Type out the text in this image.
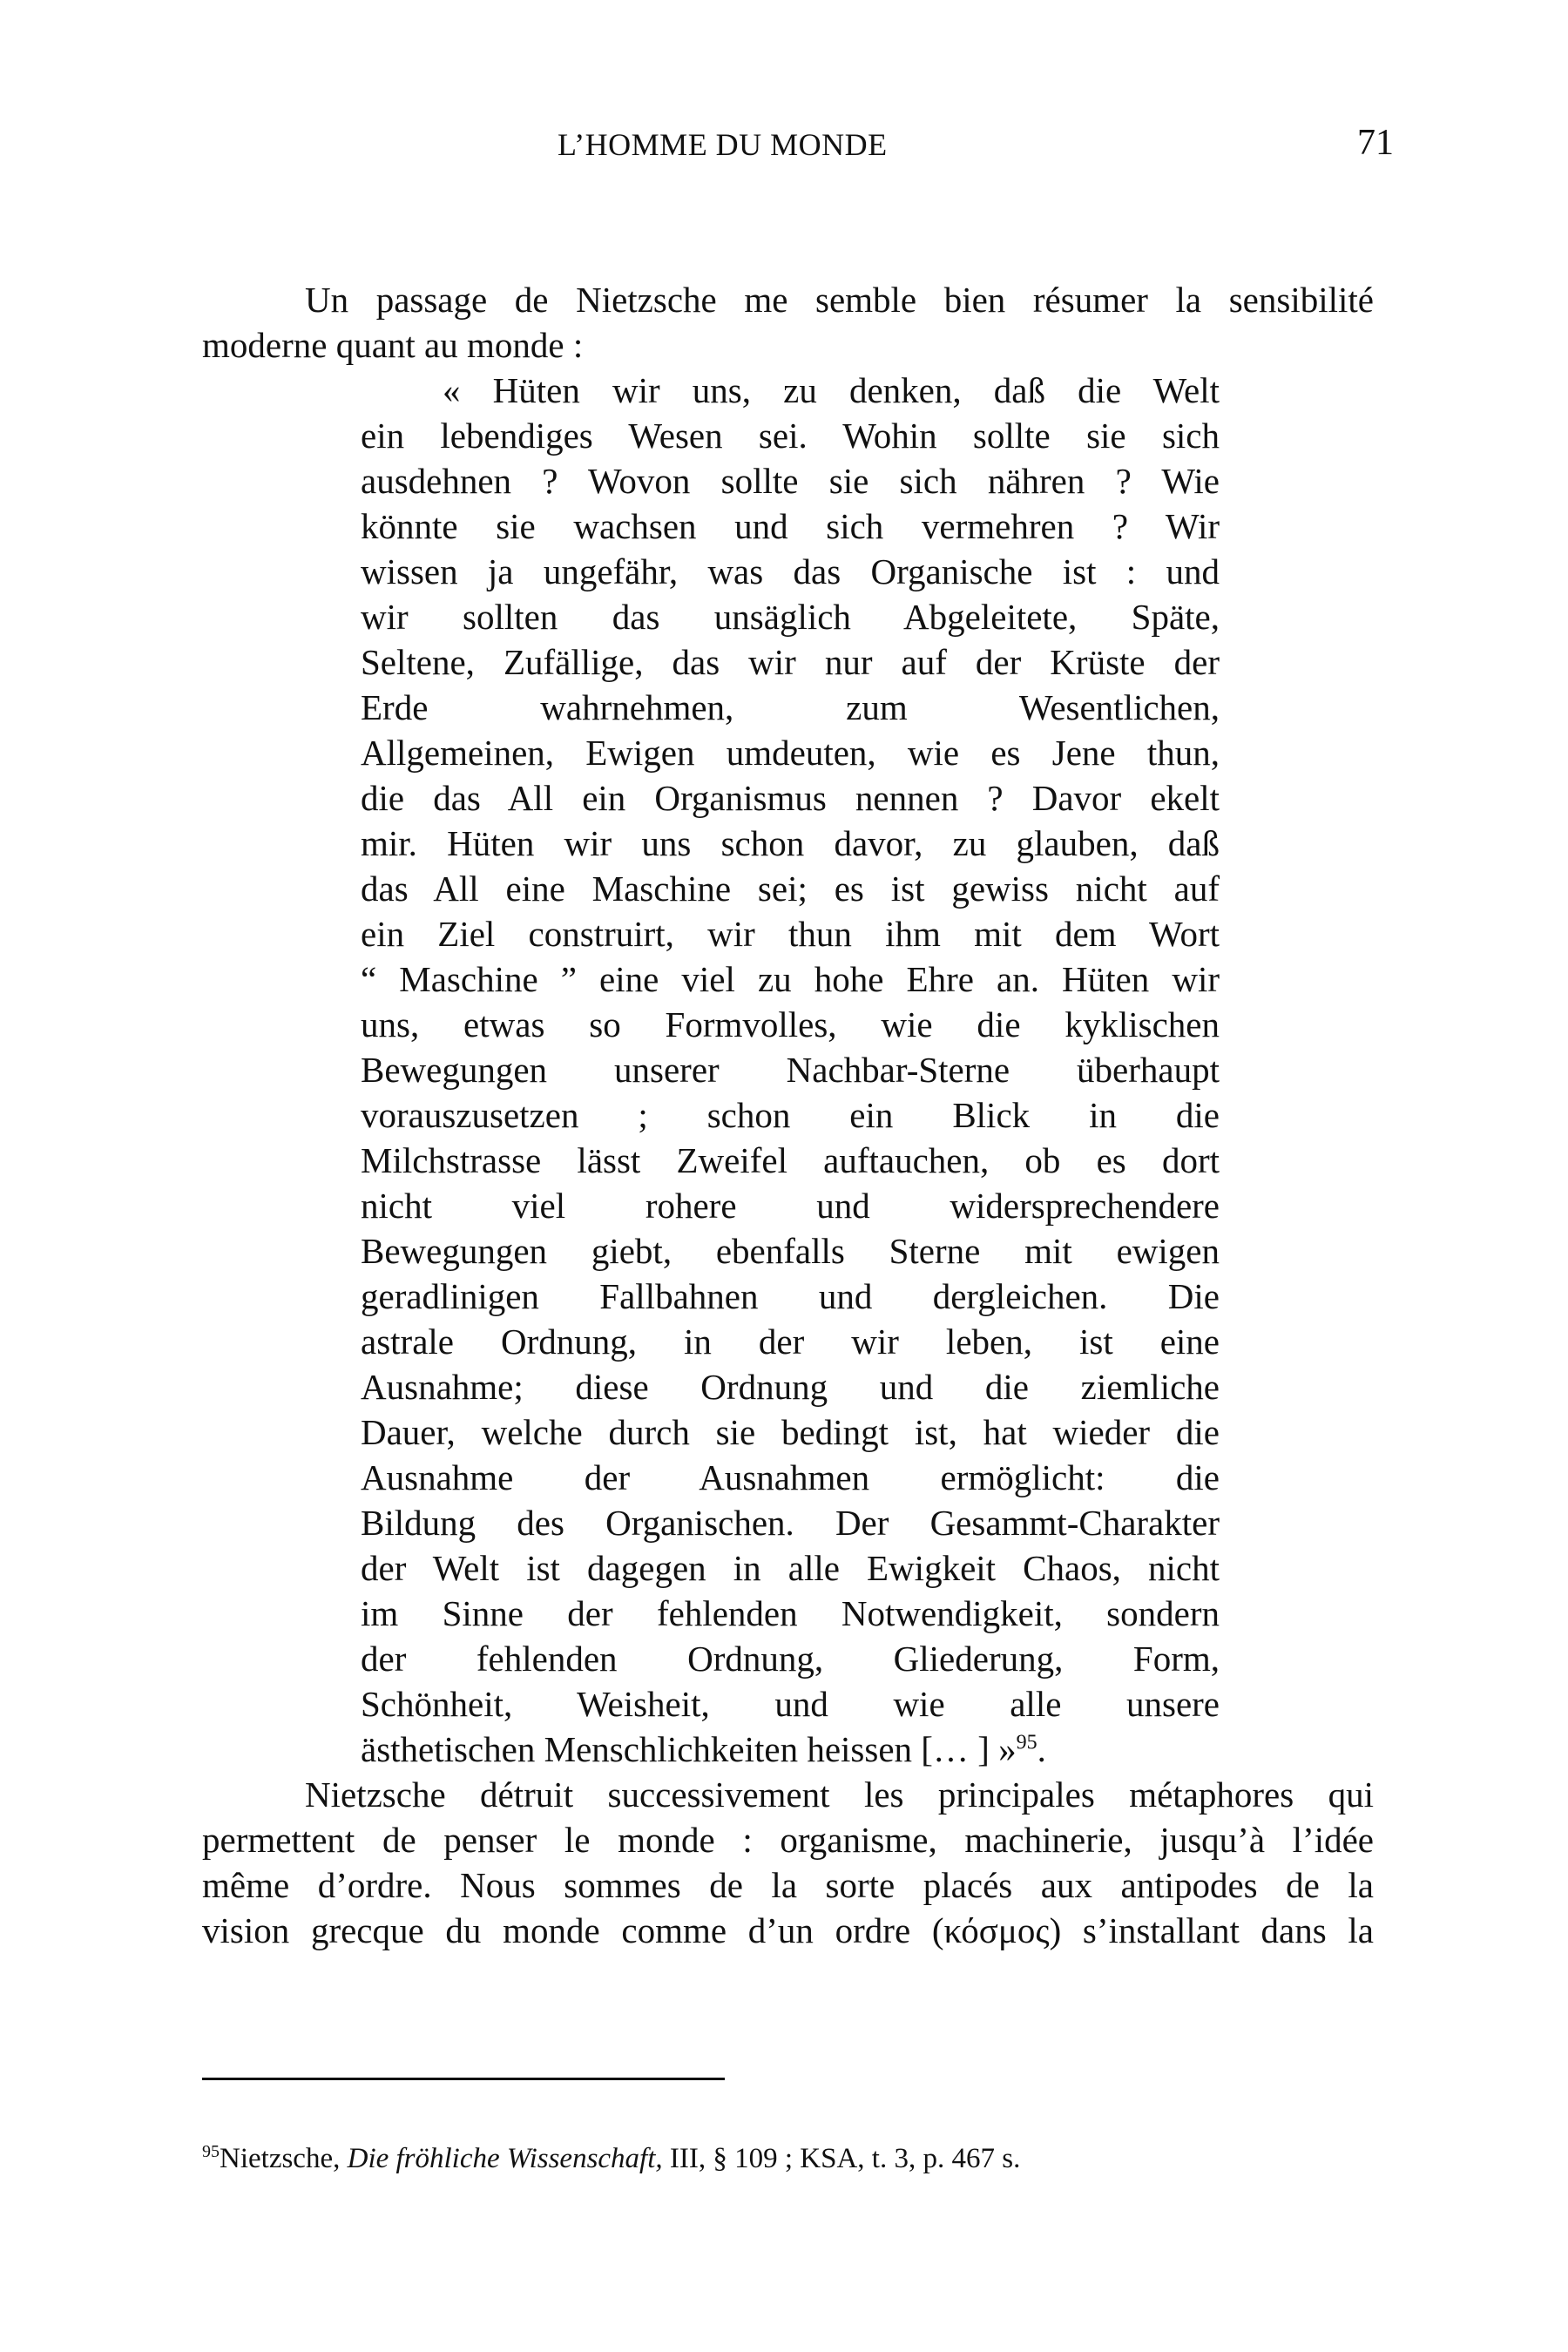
L’HOMME DU MONDE	71
Un passage de Nietzsche me semble bien résumer la sensibilité
moderne quant au monde :
« Hüten wir uns, zu denken, daß die Welt
ein lebendiges Wesen sei. Wohin sollte sie sich
ausdehnen ? Wovon sollte sie sich nähren ? Wie
könnte sie wachsen und sich vermehren ? Wir
wissen ja ungefähr, was das Organische ist : und
wir sollten das unsäglich Abgeleitete, Späte,
Seltene, Zufällige, das wir nur auf der Krüste der
Erde wahrnehmen, zum Wesentlichen,
Allgemeinen, Ewigen umdeuten, wie es Jene thun,
die das All ein Organismus nennen ? Davor ekelt
mir. Hüten wir uns schon davor, zu glauben, daß
das All eine Maschine sei; es ist gewiss nicht auf
ein Ziel construirt, wir thun ihm mit dem Wort
“ Maschine ” eine viel zu hohe Ehre an. Hüten wir
uns, etwas so Formvolles, wie die kyklischen
Bewegungen unserer Nachbar-Sterne überhaupt
vorauszusetzen ; schon ein Blick in die
Milchstrasse lässt Zweifel auftauchen, ob es dort
nicht viel rohere und widersprechendere
Bewegungen giebt, ebenfalls Sterne mit ewigen
geradlinigen Fallbahnen und dergleichen. Die
astrale Ordnung, in der wir leben, ist eine
Ausnahme; diese Ordnung und die ziemliche
Dauer, welche durch sie bedingt ist, hat wieder die
Ausnahme der Ausnahmen ermöglicht: die
Bildung des Organischen. Der Gesammt-Charakter
der Welt ist dagegen in alle Ewigkeit Chaos, nicht
im Sinne der fehlenden Notwendigkeit, sondern
der fehlenden Ordnung, Gliederung, Form,
Schönheit, Weisheit, und wie alle unsere
ästhetischen Menschlichkeiten heissen [… ] »$^{95}$.
Nietzsche détruit successivement les principales métaphores qui
permettent de penser le monde : organisme, machinerie, jusqu’à l’idée
même d’ordre. Nous sommes de la sorte placés aux antipodes de la
vision grecque du monde comme d’un ordre (κόσμος) s’installant dans la
$^{95}$Nietzsche, Die fröhliche Wissenschaft, III, § 109 ; KSA, t. 3, p. 467 s.
